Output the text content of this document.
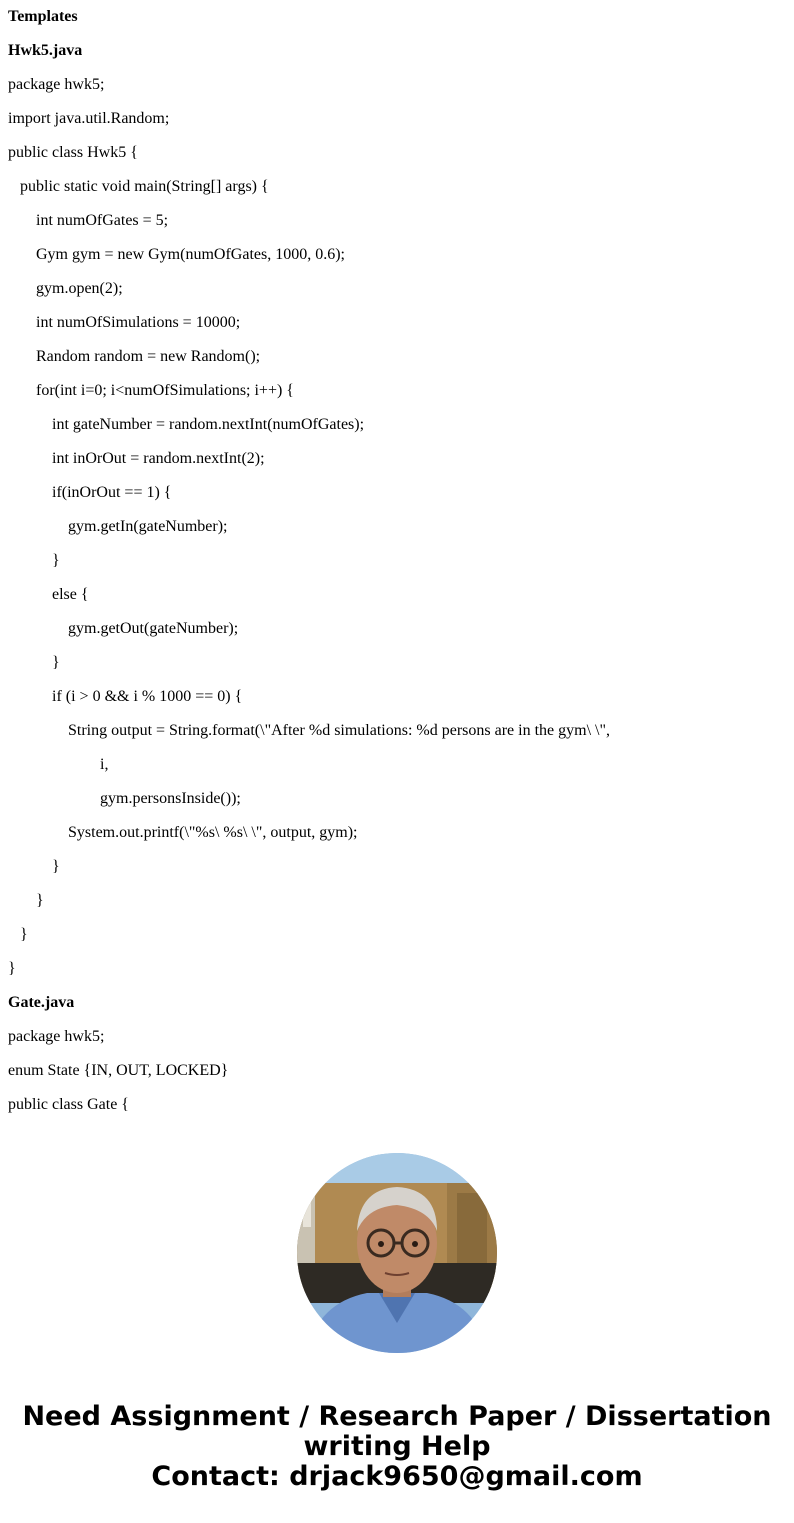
Templates
Hwk5.java
package hwk5;
import java.util.Random;
public class Hwk5 {
public static void main(String[] args) {
int numOfGates = 5;
Gym gym = new Gym(numOfGates, 1000, 0.6);
gym.open(2);
int numOfSimulations = 10000;
Random random = new Random();
for(int i=0; i<numOfSimulations; i++) {
int gateNumber = random.nextInt(numOfGates);
int inOrOut = random.nextInt(2);
if(inOrOut == 1) {
gym.getIn(gateNumber);
}
else {
gym.getOut(gateNumber);
}
if (i > 0 && i % 1000 == 0) {
String output = String.format(\"After %d simulations: %d persons are in the gym\ \",
i,
gym.personsInside());
System.out.printf(\"%s\ %s\ \", output, gym);
}
}
}
}
Gate.java
package hwk5;
enum State {IN, OUT, LOCKED}
public class Gate {
Need Assignment / Research Paper / Dissertation
writing Help
Contact: drjack9650@gmail.com
